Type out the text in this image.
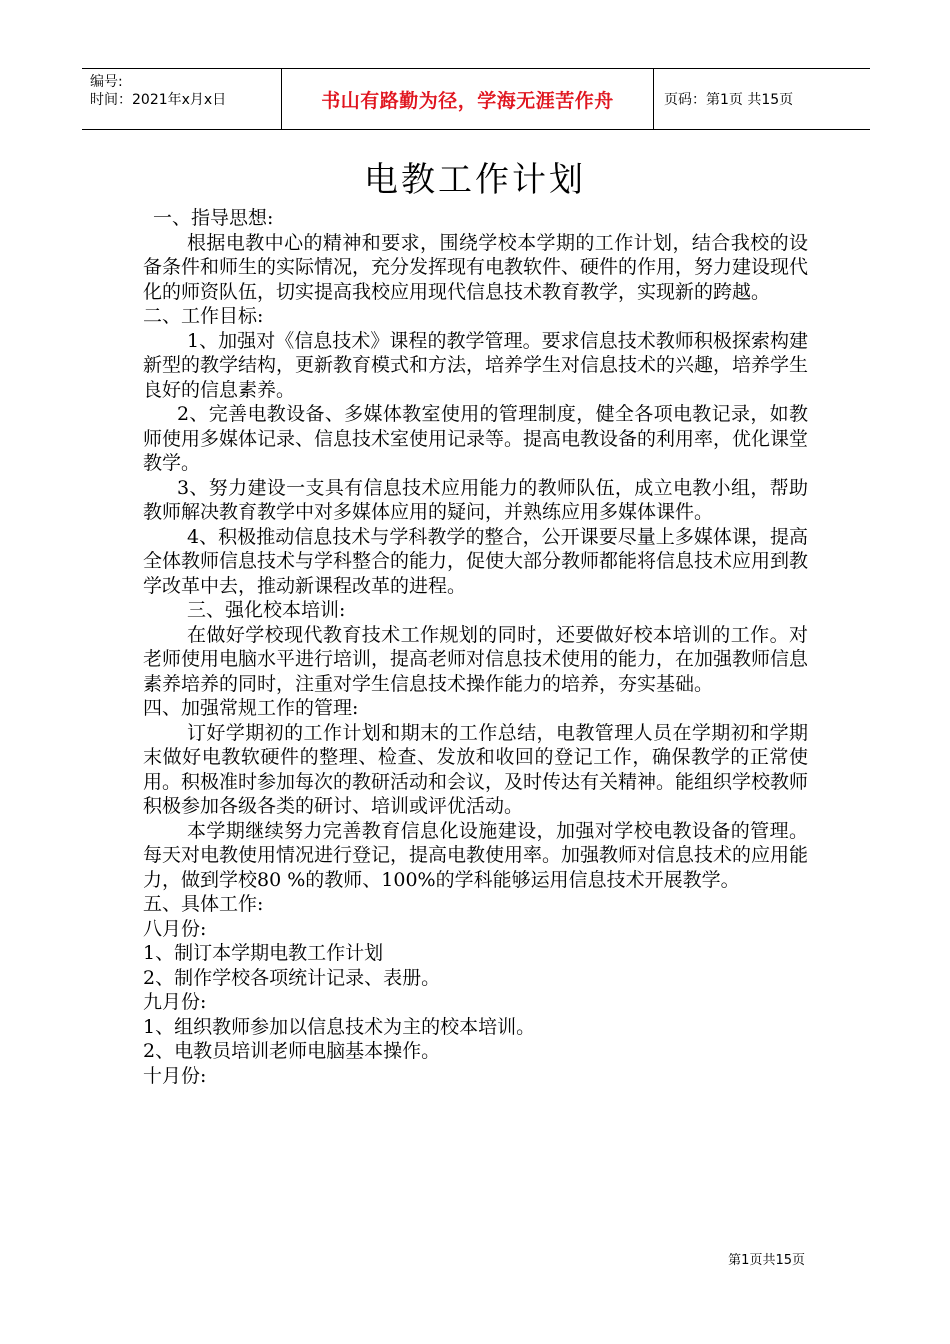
编号:
时间：2021年x月x日	书山有路勤为径，学海无涯苦作舟	页码：第1页 共15页
电教工作计划

一、指导思想:

根据电教中心的精神和要求，围绕学校本学期的工作计划，结合我校的设备条件和师生的实际情况，充分发挥现有电教软件、硬件的作用，努力建设现代化的师资队伍，切实提高我校应用现代信息技术教育教学，实现新的跨越。

二、工作目标:

1、加强对《信息技术》课程的教学管理。要求信息技术教师积极探索构建新型的教学结构，更新教育模式和方法，培养学生对信息技术的兴趣，培养学生良好的信息素养。

2、完善电教设备、多媒体教室使用的管理制度，健全各项电教记录，如教师使用多媒体记录、信息技术室使用记录等。提高电教设备的利用率，优化课堂教学。

3、努力建设一支具有信息技术应用能力的教师队伍，成立电教小组，帮助教师解决教育教学中对多媒体应用的疑问，并熟练应用多媒体课件。

4、积极推动信息技术与学科教学的整合，公开课要尽量上多媒体课，提高全体教师信息技术与学科整合的能力，促使大部分教师都能将信息技术应用到教学改革中去，推动新课程改革的进程。

三、强化校本培训:

在做好学校现代教育技术工作规划的同时，还要做好校本培训的工作。对老师使用电脑水平进行培训，提高老师对信息技术使用的能力，在加强教师信息素养培养的同时，注重对学生信息技术操作能力的培养，夯实基础。

四、加强常规工作的管理:

订好学期初的工作计划和期末的工作总结，电教管理人员在学期初和学期末做好电教软硬件的整理、检查、发放和收回的登记工作，确保教学的正常使用。积极准时参加每次的教研活动和会议，及时传达有关精神。能组织学校教师积极参加各级各类的研讨、培训或评优活动。

本学期继续努力完善教育信息化设施建设，加强对学校电教设备的管理。每天对电教使用情况进行登记，提高电教使用率。加强教师对信息技术的应用能力，做到学校80 %的教师、100%的学科能够运用信息技术开展教学。

五、具体工作:

八月份:

1、制订本学期电教工作计划

2、制作学校各项统计记录、表册。

九月份:

1、组织教师参加以信息技术为主的校本培训。

2、电教员培训老师电脑基本操作。

十月份:

第1页共15页
